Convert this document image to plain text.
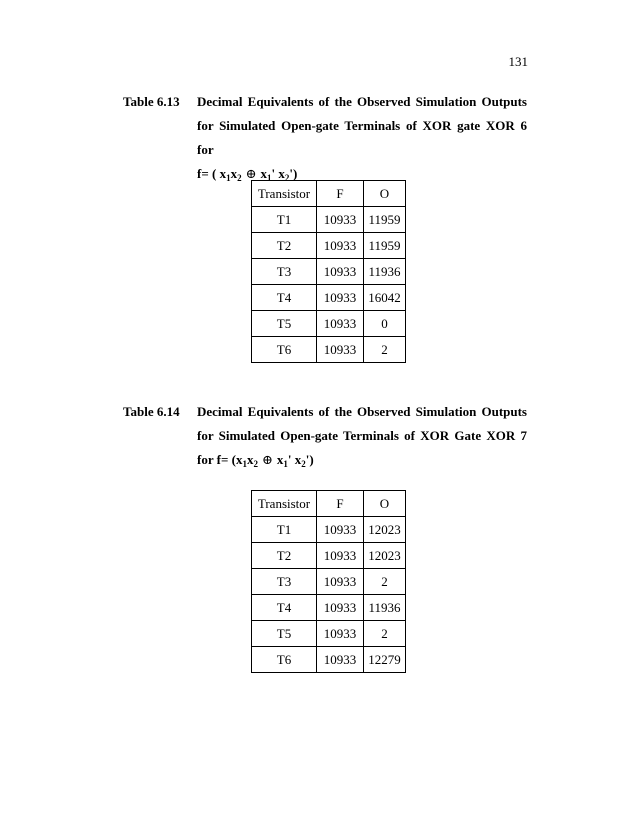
131
Table 6.13 Decimal Equivalents of the Observed Simulation Outputs
for Simulated Open-gate Terminals of XOR gate XOR 6 for
f= ( $x_1x_2$ ⊕ $x_1'$ $x_2'$)
Transistor	F	O
T1	10933	11959
T2	10933	11959
T3	10933	11936
T4	10933	16042
T5	10933	0
T6	10933	2
Table 6.14 Decimal Equivalents of the Observed Simulation Outputs
for Simulated Open-gate Terminals of XOR Gate XOR 7
for $f= (x_1x_2$ ⊕ $x_1'$ $x_2'$)
Transistor	F	O
T1	10933	12023
T2	10933	12023
T3	10933	2
T4	10933	11936
T5	10933	2
T6	10933	12279
